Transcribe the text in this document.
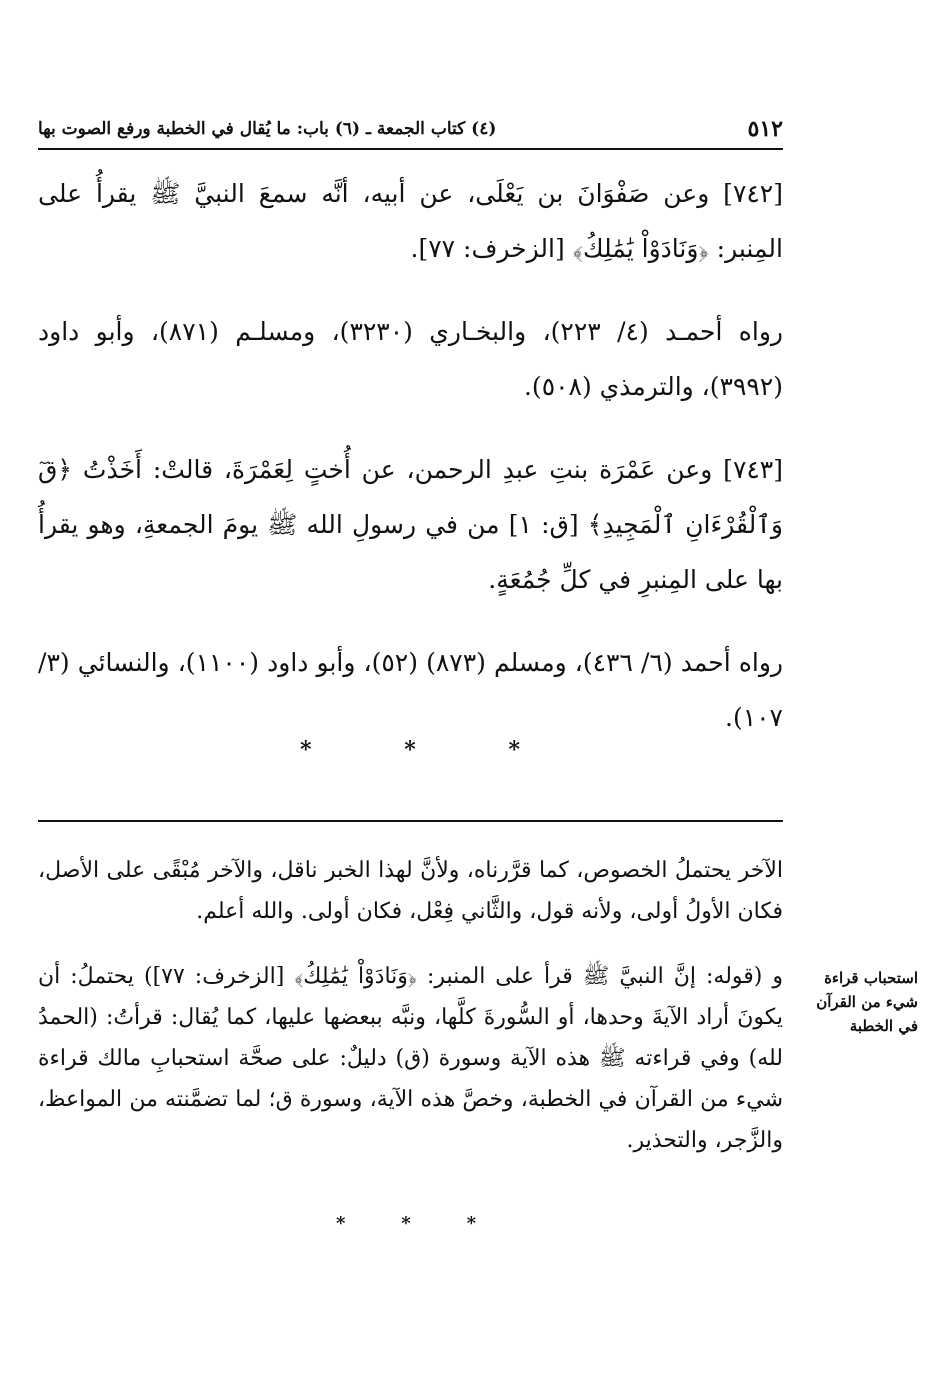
٥١٢
(٤) كتاب الجمعة ـ (٦) باب: ما يُقال في الخطبة ورفع الصوت بها

[٧٤٢] وعن صَفْوَانَ بن يَعْلَى، عن أبيه، أنَّه سمعَ النبيَّ ﷺ يقرأُ على المِنبر: ﴿وَنَادَوْاْ يَٰمَٰلِكُ﴾ [الزخرف: ٧٧].

رواه أحمـد (٤/ ٢٢٣)، والبخـاري (٣٢٣٠)، ومسلـم (٨٧١)، وأبو داود (٣٩٩٢)، والترمذي (٥٠٨).

[٧٤٣] وعن عَمْرَة بنتِ عبدِ الرحمن، عن أُختٍ لِعَمْرَةَ، قالتْ: أَخَذْتُ ﴿قٓ وَٱلْقُرْءَانِ ٱلْمَجِيدِ﴾ [ق: ١] من في رسولِ الله ﷺ يومَ الجمعةِ، وهو يقرأُ بها على المِنبرِ في كلِّ جُمُعَةٍ.

رواه أحمد (٦/ ٤٣٦)، ومسلم (٨٧٣) (٥٢)، وأبو داود (١١٠٠)، والنسائي (٣/ ١٠٧).

*
*
*

الآخر يحتملُ الخصوص، كما قرَّرناه، ولأنَّ لهذا الخبر ناقل، والآخر مُبْقًى على الأصل، فكان الأولُ أولى، ولأنه قول، والثَّاني فِعْل، فكان أولى. والله أعلم.

و (قوله: إنَّ النبيَّ ﷺ قرأ على المنبر: ﴿وَنَادَوْاْ يَٰمَٰلِكُ﴾ [الزخرف: ٧٧]) يحتملُ: أن يكونَ أراد الآيةَ وحدها، أو السُّورةَ كلَّها، ونبَّه ببعضها عليها، كما يُقال: قرأتُ: (الحمدُ لله) وفي قراءته ﷺ هذه الآية وسورة (ق) دليلٌ: على صحَّة استحبابِ مالك قراءة شيء من القرآن في الخطبة، وخصَّ هذه الآية، وسورة ق؛ لما تضمَّنته من المواعظ، والزَّجر، والتحذير.

استحباب قراءة شيء من القرآن في الخطبة
*
*
*
